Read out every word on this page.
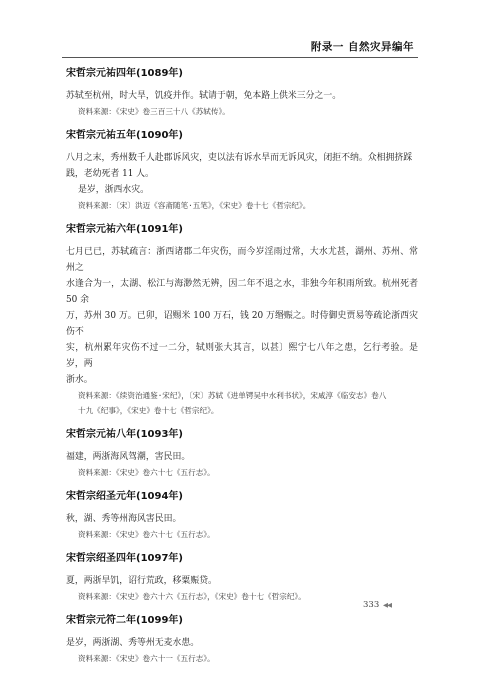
附录一 自然灾异编年
宋哲宗元祐四年(1089年)

苏轼至杭州，时大旱，饥疫并作。轼请于朝，免本路上供米三分之一。

资料来源：《宋史》卷三百三十八《苏轼传》。

宋哲宗元祐五年(1090年)

八月之末，秀州数千人赴郡诉风灾，吏以法有诉水旱而无诉风灾，闭拒不纳。众相拥挤踩

践，老幼死者 11 人。

是岁，浙西水灾。

资料来源：〔宋〕洪迈《容斋随笔·五笔》，《宋史》卷十七《哲宗纪》。

宋哲宗元祐六年(1091年)

七月已已，苏轼疏言：浙西诸郡二年灾伤，而今岁淫雨过常，大水尤甚，湖州、苏州、常州之

水逢合为一，太湖、松江与海渺然无辨，因二年不退之水，非独今年积雨所致。杭州死者 50 余

万，苏州 30 万。已卯，诏赐米 100 万石，钱 20 万缗赈之。时侍御史贾易等疏论浙西灾伤不

实，杭州累年灾伤不过一二分，轼则张大其言，以甚〕熙宁七八年之患，乞行考验。是岁，两

浙水。

资料来源：《续资治通鉴·宋纪》，〔宋〕苏轼《进单锷吴中水利书状》，宋咸淳《临安志》卷八

十九《纪事》，《宋史》卷十七《哲宗纪》。

宋哲宗元祐八年(1093年)

福建，两浙海风驾潮，害民田。

资料来源：《宋史》卷六十七《五行志》。

宋哲宗绍圣元年(1094年)

秋，湖、秀等州海风害民田。

资料来源：《宋史》卷六十七《五行志》。

宋哲宗绍圣四年(1097年)

夏，两浙旱饥，诏行荒政，移粟赈贷。

资料来源：《宋史》卷六十六《五行志》，《宋史》卷十七《哲宗纪》。

宋哲宗元符二年(1099年)

是岁，两浙湖、秀等州无麦水患。

资料来源：《宋史》卷六十一《五行志》。

333 ◀◀
